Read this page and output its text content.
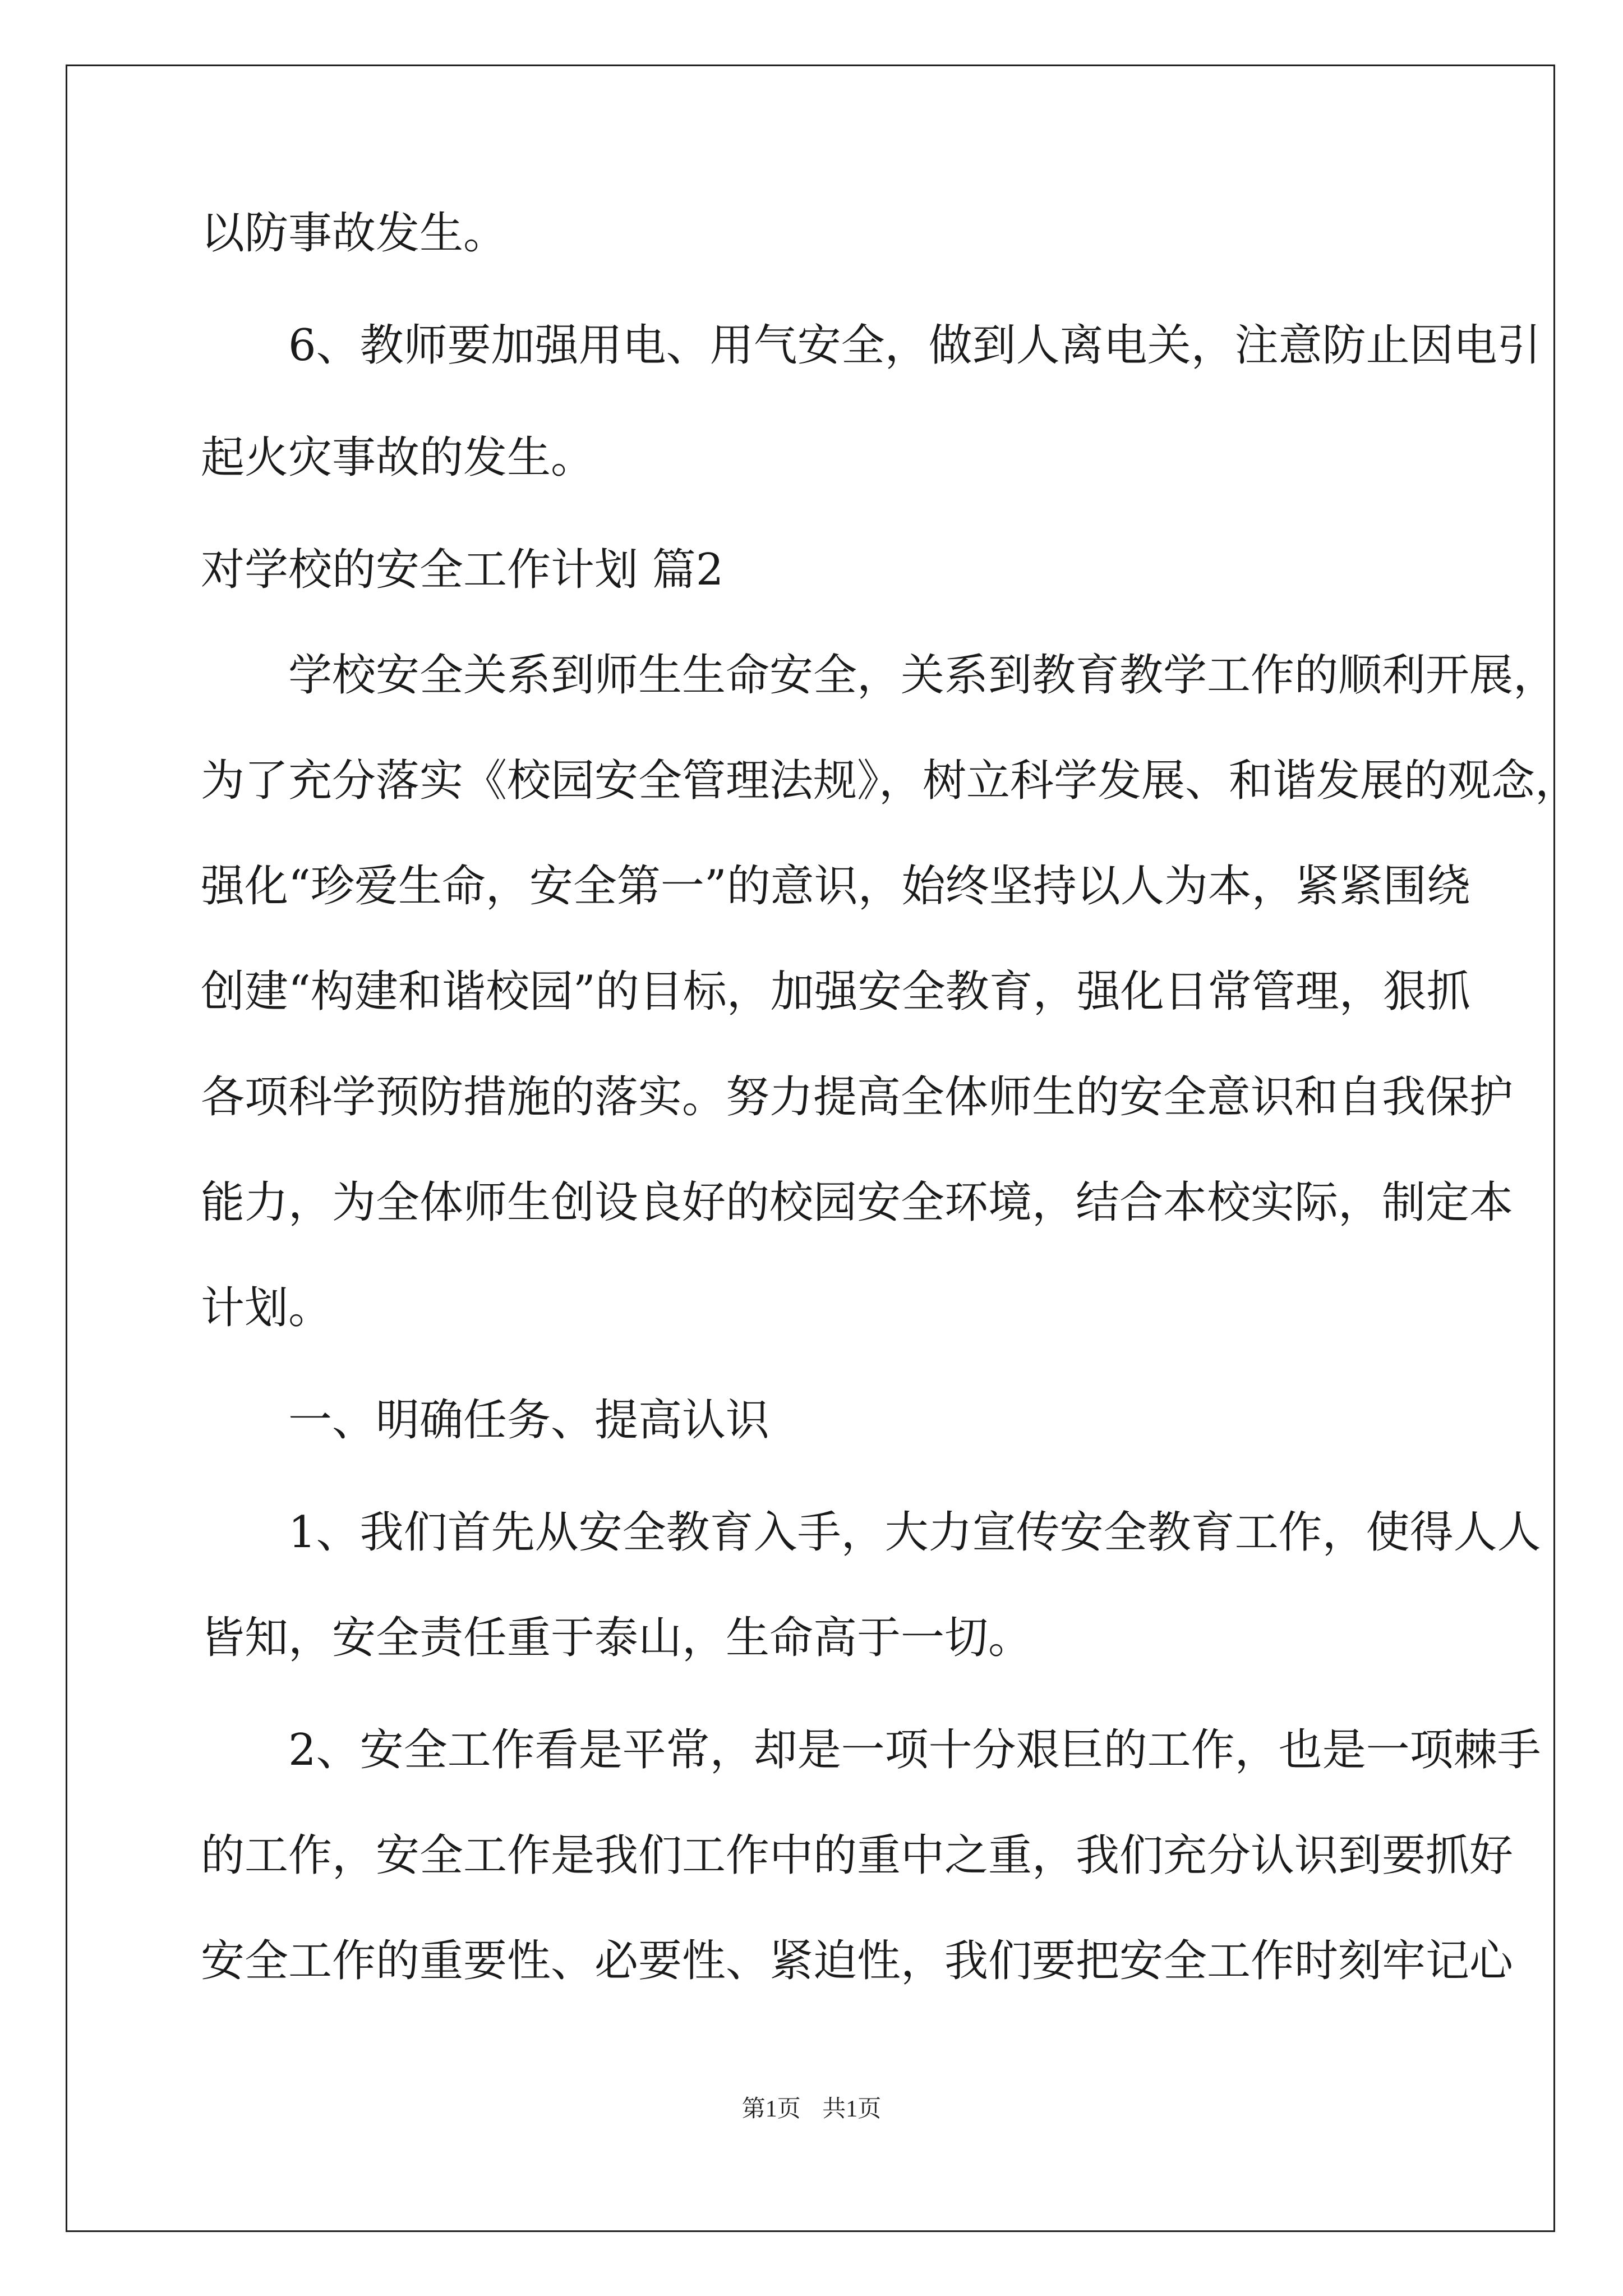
以防事故发生。
　　6、教师要加强用电、用气安全，做到人离电关，注意防止因电引
起火灾事故的发生。
对学校的安全工作计划 篇2
　　学校安全关系到师生生命安全，关系到教育教学工作的顺利开展，
为了充分落实《校园安全管理法规》，树立科学发展、和谐发展的观念，
强化“珍爱生命，安全第一”的意识，始终坚持以人为本，紧紧围绕
创建“构建和谐校园”的目标，加强安全教育，强化日常管理，狠抓
各项科学预防措施的落实。努力提高全体师生的安全意识和自我保护
能力，为全体师生创设良好的校园安全环境，结合本校实际，制定本
计划。
　　一、明确任务、提高认识
　　1、我们首先从安全教育入手，大力宣传安全教育工作，使得人人
皆知，安全责任重于泰山，生命高于一切。
　　2、安全工作看是平常，却是一项十分艰巨的工作，也是一项棘手
的工作，安全工作是我们工作中的重中之重，我们充分认识到要抓好
安全工作的重要性、必要性、紧迫性，我们要把安全工作时刻牢记心
第1页 共1页
